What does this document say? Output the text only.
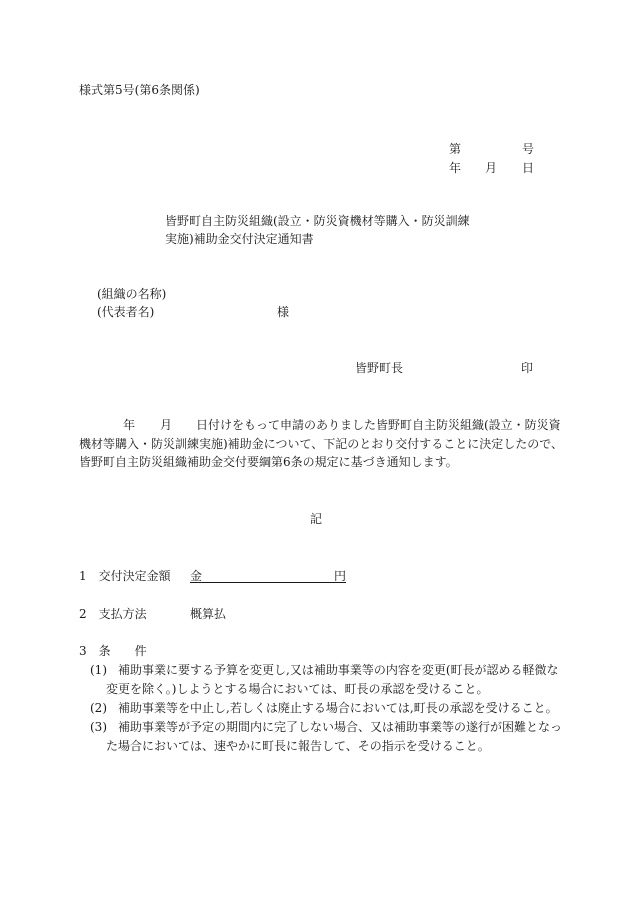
様式第5号(第6条関係)
第	号
年 月 日
皆野町自主防災組織(設立・防災資機材等購入・防災訓練
実施)補助金交付決定通知書
(組織の名称)
(代表者名)	様
皆野町長	印
年 月 日付けをもって申請のありました皆野町自主防災組織(設立・防災資
機材等購入・防災訓練実施)補助金について、下記のとおり交付することに決定したので、
皆野町自主防災組織補助金交付要綱第6条の規定に基づき通知します。
記
1　交付決定金額 金　　　　　　　　　　　円
2　支払方法	概算払
3　条　　件
(1) 補助事業に要する予算を変更し,又は補助事業等の内容を変更(町長が認める軽微な
変更を除く。)しようとする場合においては、町長の承認を受けること。
(2) 補助事業等を中止し,若しくは廃止する場合においては,町長の承認を受けること。
(3) 補助事業等が予定の期間内に完了しない場合、又は補助事業等の遂行が困難となっ
た場合においては、速やかに町長に報告して、その指示を受けること。
